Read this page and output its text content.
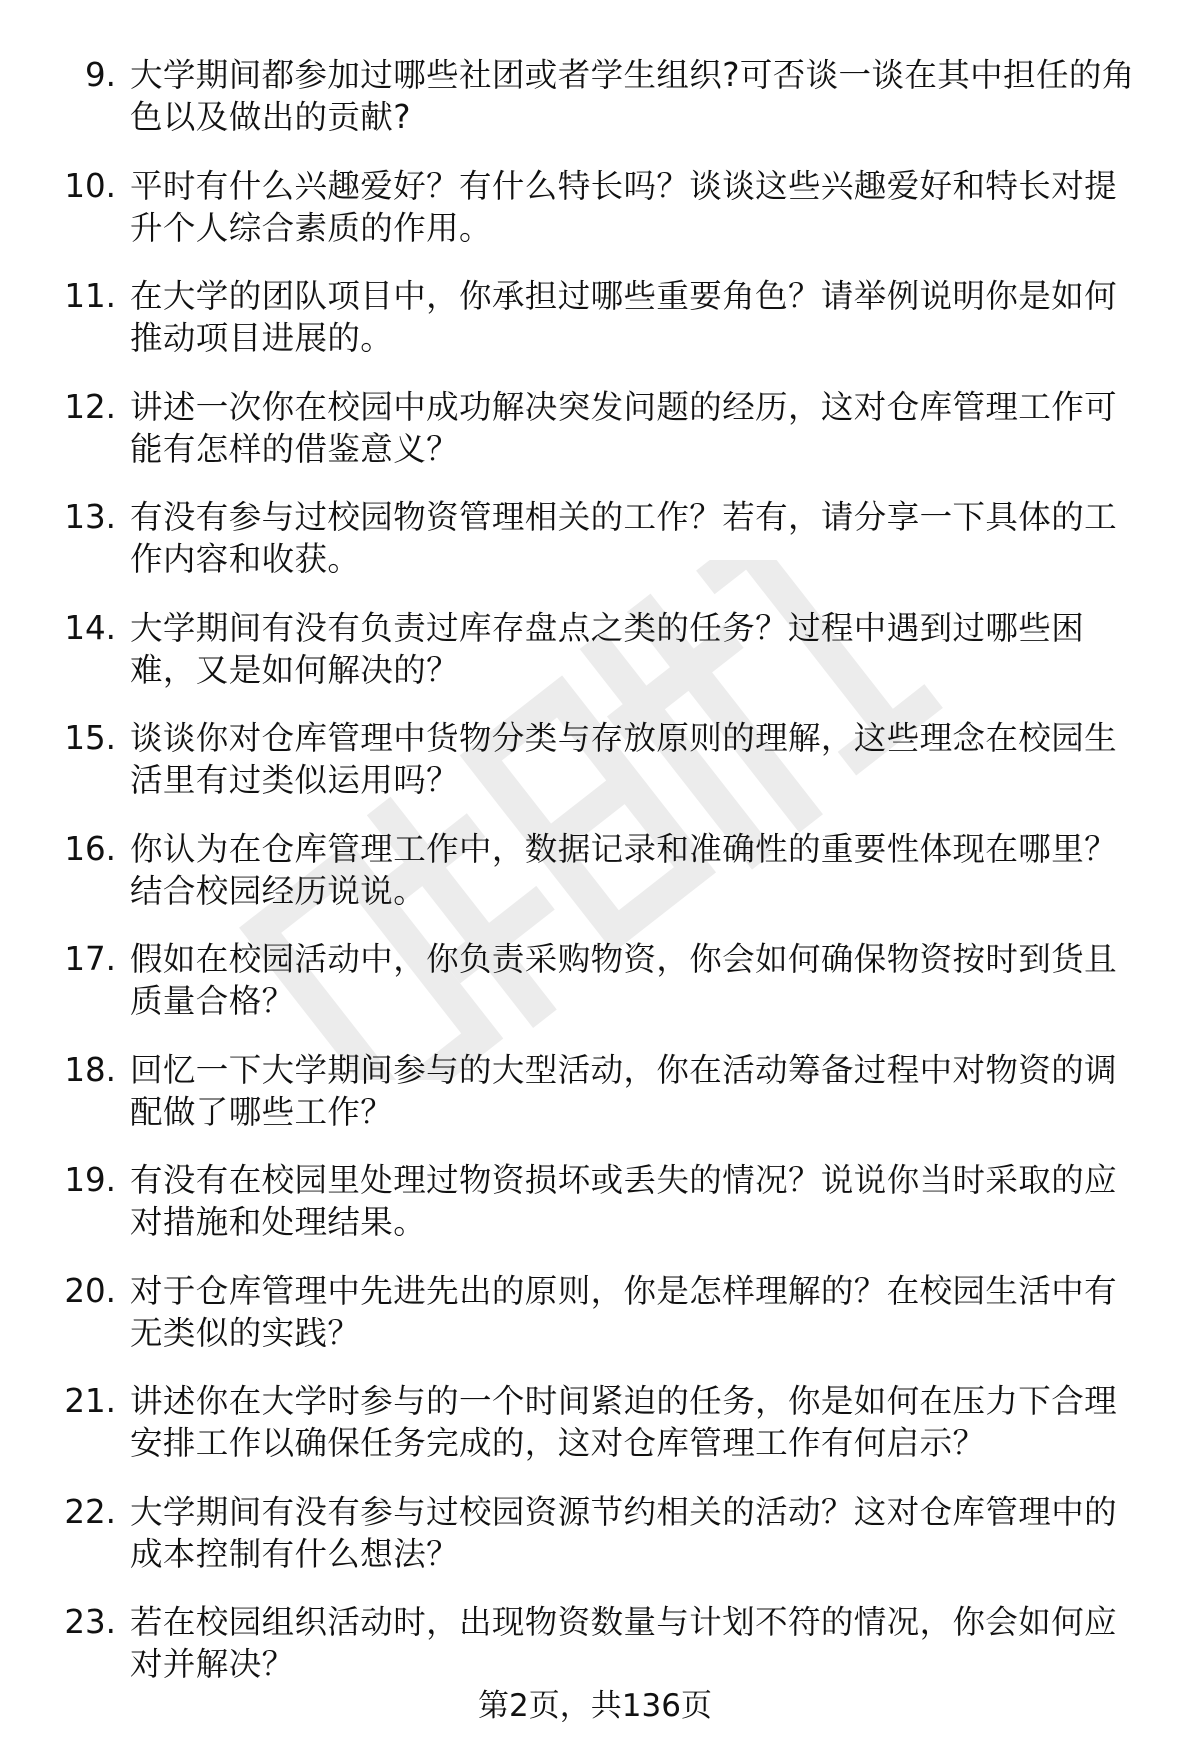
9. 大学期间都参加过哪些社团或者学生组织?可否谈一谈在其中担任的角色以及做出的贡献?
10. 平时有什么兴趣爱好？有什么特长吗？谈谈这些兴趣爱好和特长对提升个人综合素质的作用。
11. 在大学的团队项目中，你承担过哪些重要角色？请举例说明你是如何推动项目进展的。
12. 讲述一次你在校园中成功解决突发问题的经历，这对仓库管理工作可能有怎样的借鉴意义？
13. 有没有参与过校园物资管理相关的工作？若有，请分享一下具体的工作内容和收获。
14. 大学期间有没有负责过库存盘点之类的任务？过程中遇到过哪些困难，又是如何解决的？
15. 谈谈你对仓库管理中货物分类与存放原则的理解，这些理念在校园生活里有过类似运用吗？
16. 你认为在仓库管理工作中，数据记录和准确性的重要性体现在哪里？结合校园经历说说。
17. 假如在校园活动中，你负责采购物资，你会如何确保物资按时到货且质量合格？
18. 回忆一下大学期间参与的大型活动，你在活动筹备过程中对物资的调配做了哪些工作？
19. 有没有在校园里处理过物资损坏或丢失的情况？说说你当时采取的应对措施和处理结果。
20. 对于仓库管理中先进先出的原则，你是怎样理解的？在校园生活中有无类似的实践？
21. 讲述你在大学时参与的一个时间紧迫的任务，你是如何在压力下合理安排工作以确保任务完成的，这对仓库管理工作有何启示？
22. 大学期间有没有参与过校园资源节约相关的活动？这对仓库管理中的成本控制有什么想法？
23. 若在校园组织活动时，出现物资数量与计划不符的情况，你会如何应对并解决？
第2页，共136页
